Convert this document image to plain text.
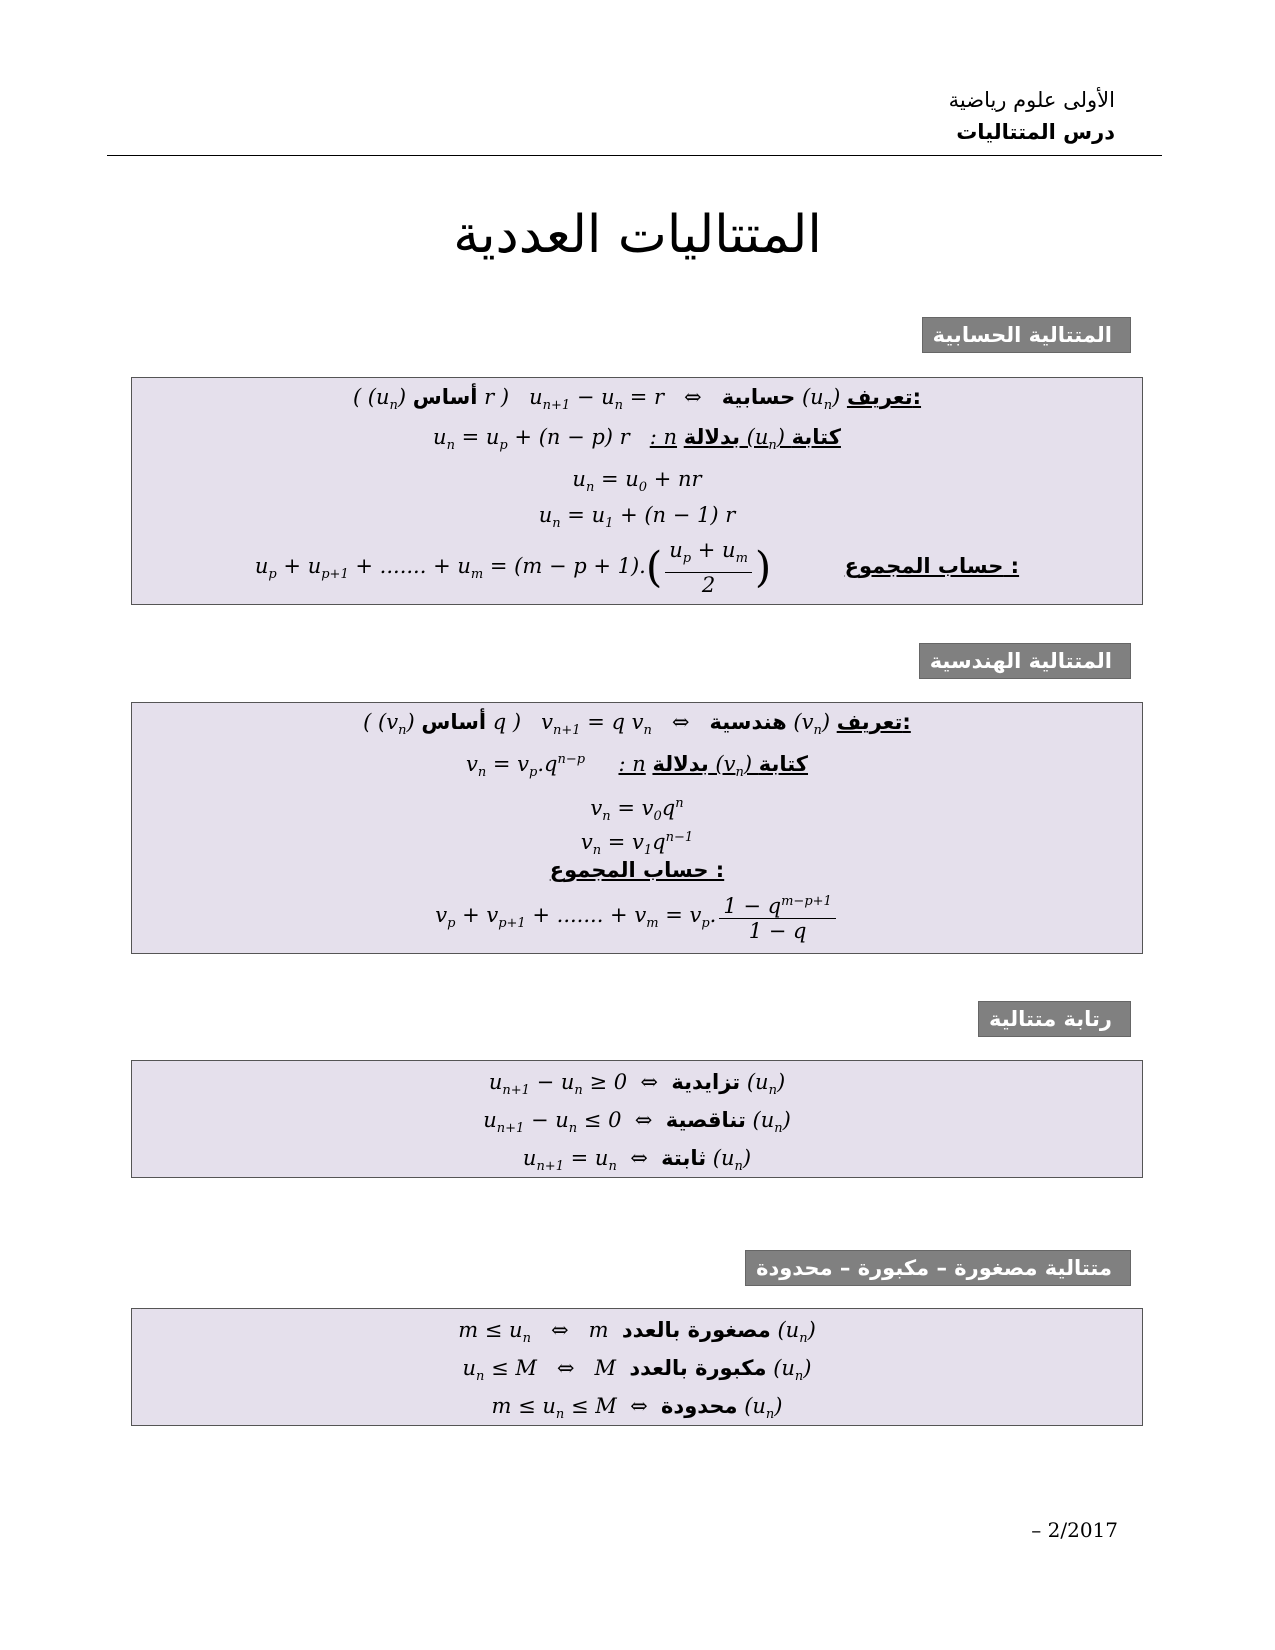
الأولى علوم رياضية
درس المتتاليات
المتتاليات العددية
المتتالية الحسابية
( $(u_n)$ أساس r )   $u_{n+1} - u_n = r$   ⇔   حسابية $(u_n)$ تعريف:
$u_n = u_p + (n - p)$ r   : n بدلالة $(u_n)$ كتابة
$u_n = u_0$ + nr
$u_n = u_1 + (n - 1)$ r
$u_p + u_{p+1}$ + ....... + $u_m = (m - p + 1).( \frac{u_p + u_m}{2}$ )	حساب المجموع :
المتتالية الهندسية
( $(v_n)$ أساس q )   $v_{n+1} = q$ $v_n$   ⇔   هندسية $(v_n)$ تعريف:
$v_n = v_p.q^{n-p}$ : n بدلالة $(v_n)$ كتابة
$v_n = v_0q^n$
$v_n = v_1q^{n-1}$
حساب المجموع :
$v_p + v_{p+1}$ + ....... + $v_m = v_p$. $\frac{1 - q^{m-p+1}}{1 - q}$
رتابة متتالية
$u_{n+1} - u_n \ge 0$  ⇔  تزايدية $(u_n)$
$u_{n+1} - u_n \le 0$  ⇔  تناقصية $(u_n)$
$u_{n+1} = u_n$  ⇔  ثابتة $(u_n)$
متتالية مصغورة – مكبورة – محدودة
$m \le u_n$   ⇔   m  مصغورة بالعدد $(u_n)$
$u_n \le M$   ⇔   M  مكبورة بالعدد $(u_n)$
$m \le u_n \le M$  ⇔  محدودة $(u_n)$
– 2/2017
